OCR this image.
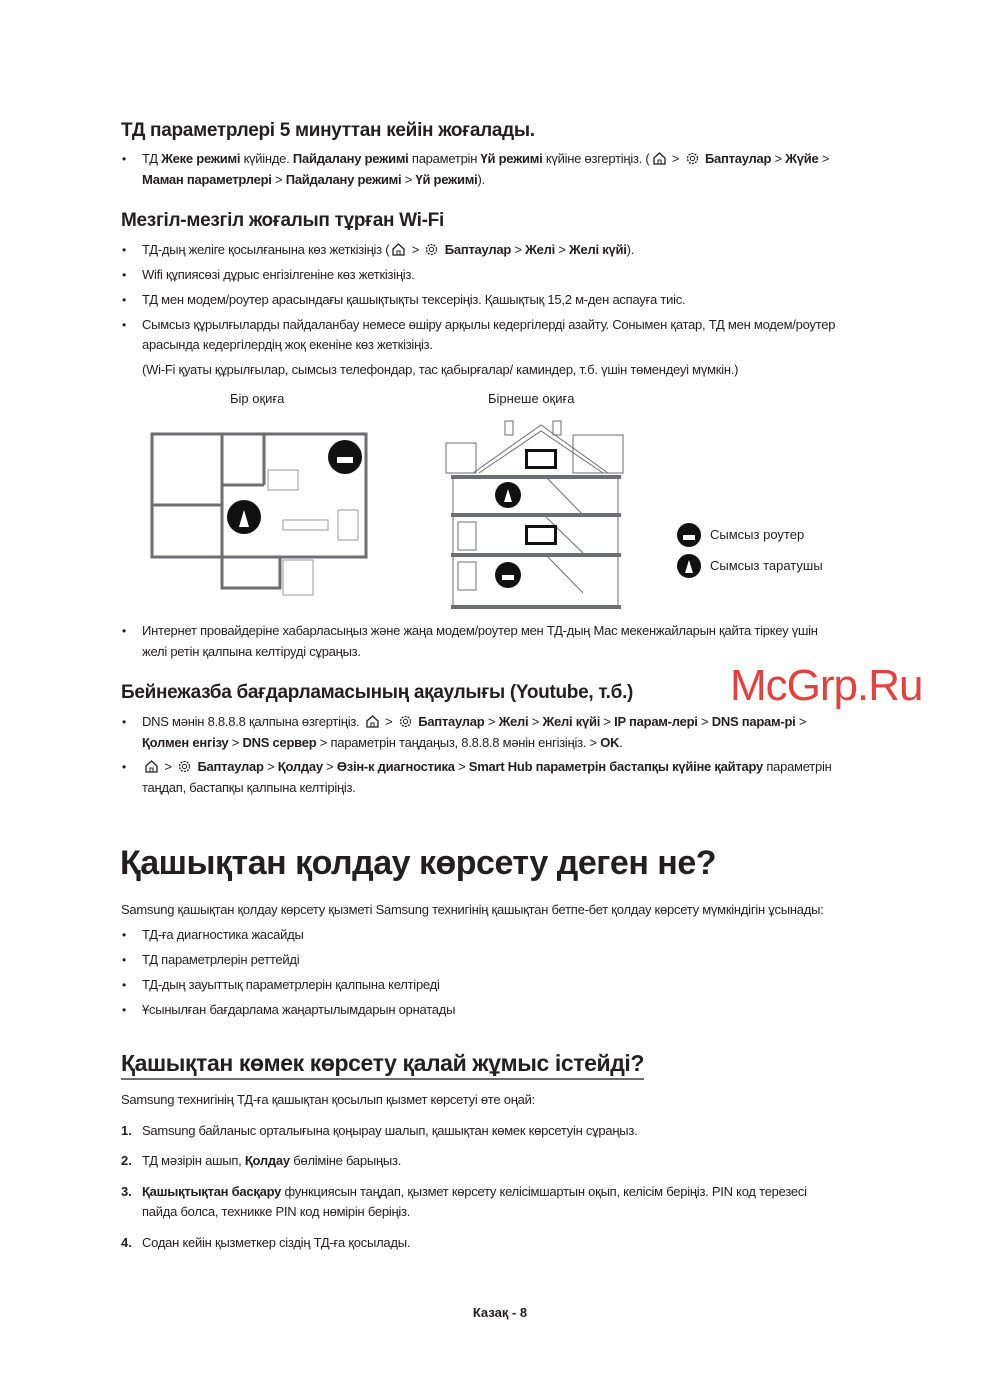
ТД параметрлері 5 минуттан кейін жоғалады.
• ТД Жеке режимі күйінде. Пайдалану режимі параметрін Үй режимі күйіне өзгертіңіз. ( >  Баптаулар > Жүйе >
Маман параметрлері > Пайдалану режимі > Үй режимі).
Мезгіл-мезгіл жоғалып тұрған Wi-Fi
• ТД-дың желіге қосылғанына көз жеткізіңіз ( >  Баптаулар > Желі > Желі күйі).
• Wifi құпиясөзі дұрыс енгізілгеніне көз жеткізіңіз.
• ТД мен модем/роутер арасындағы қашықтықты тексеріңіз. Қашықтық 15,2 м-ден аспауға тиіс.
• Сымсыз құрылғыларды пайдаланбау немесе өшіру арқылы кедергілерді азайту. Сонымен қатар, ТД мен модем/роутер
арасында кедергілердің жоқ екеніне көз жеткізіңіз.
(Wi-Fi қуаты құрылғылар, сымсыз телефондар, тас қабырғалар/ каминдер, т.б. үшін төмендеуі мүмкін.)
Бір оқиға	Бірнеше оқиға
Сымсыз роутер
Сымсыз таратушы
• Интернет провайдеріне хабарласыңыз және жаңа модем/роутер мен ТД-дың Мас мекенжайларын қайта тіркеу үшін
желі ретін қалпына келтіруді сұраңыз.
Бейнежазба бағдарламасының ақаулығы (Youtube, т.б.) McGrp.Ru
• DNS мәнін 8.8.8.8 қалпына өзгертіңіз.  >  Баптаулар > Желі > Желі күйі > IP парам-лері > DNS парам-рі >
Қолмен енгізу > DNS сервер > параметрін таңдаңыз, 8.8.8.8 мәнін енгізіңіз. > OK.
•	>  Баптаулар > Қолдау > Өзін-к диагностика > Smart Hub параметрін бастапқы күйіне қайтару параметрін
таңдап, бастапқы қалпына келтіріңіз.
Қашықтан қолдау көрсету деген не?
Samsung қашықтан қолдау көрсету қызметі Samsung технигінің қашықтан бетпе-бет қолдау көрсету мүмкіндігін ұсынады:
• ТД-ға диагностика жасайды
• ТД параметрлерін реттейді
• ТД-дың зауыттық параметрлерін қалпына келтіреді
• Ұсынылған бағдарлама жаңартылымдарын орнатады
Қашықтан көмек көрсету қалай жұмыс істейді?
Samsung технигінің ТД-ға қашықтан қосылып қызмет көрсетуі өте оңай:
1. Samsung байланыс орталығына қоңырау шалып, қашықтан көмек көрсетуін сұраңыз.
2. ТД мәзірін ашып, Қолдау бөліміне барыңыз.
3. Қашықтықтан басқару функциясын таңдап, қызмет көрсету келісімшартын оқып, келісім беріңіз. PIN код терезесі
пайда болса, техникке PIN код нөмірін беріңіз.
4. Содан кейін қызметкер сіздің ТД-ға қосылады.
Казақ - 8
